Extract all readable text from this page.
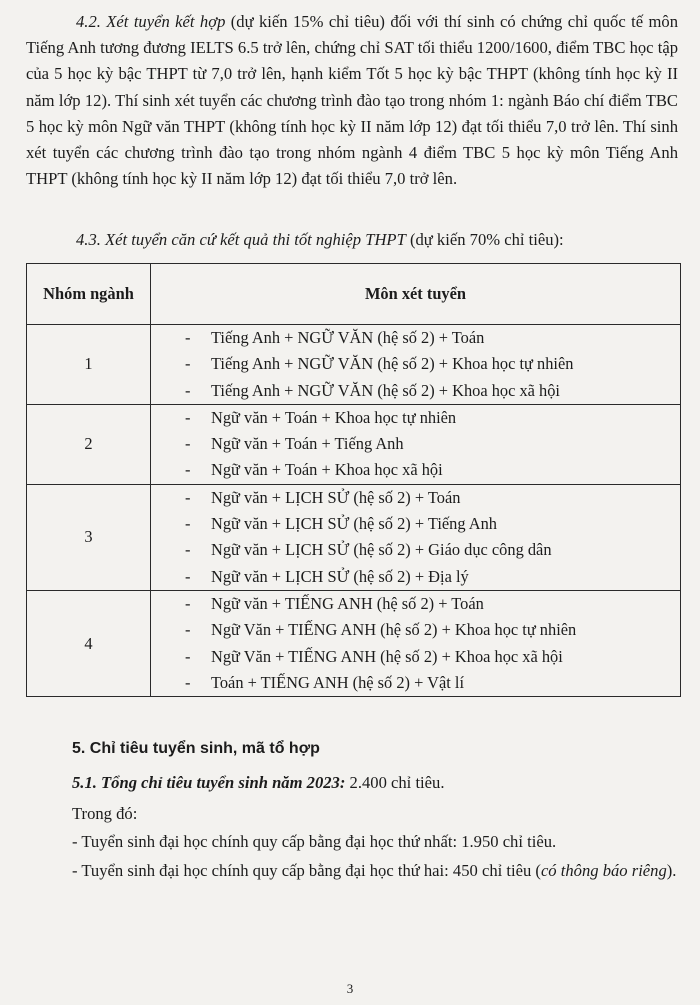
4.2. Xét tuyển kết hợp (dự kiến 15% chỉ tiêu) đối với thí sinh có chứng chỉ quốc tế môn Tiếng Anh tương đương IELTS 6.5 trở lên, chứng chỉ SAT tối thiểu 1200/1600, điểm TBC học tập của 5 học kỳ bậc THPT từ 7,0 trở lên, hạnh kiểm Tốt 5 học kỳ bậc THPT (không tính học kỳ II năm lớp 12). Thí sinh xét tuyển các chương trình đào tạo trong nhóm 1: ngành Báo chí điểm TBC 5 học kỳ môn Ngữ văn THPT (không tính học kỳ II năm lớp 12) đạt tối thiểu 7,0 trở lên. Thí sinh xét tuyển các chương trình đào tạo trong nhóm ngành 4 điểm TBC 5 học kỳ môn Tiếng Anh THPT (không tính học kỳ II năm lớp 12) đạt tối thiểu 7,0 trở lên.
4.3. Xét tuyển căn cứ kết quả thi tốt nghiệp THPT (dự kiến 70% chỉ tiêu):
Nhóm ngành	Môn xét tuyển
1	- Tiếng Anh + NGỮ VĂN (hệ số 2) + Toán
- Tiếng Anh + NGỮ VĂN (hệ số 2) + Khoa học tự nhiên
- Tiếng Anh + NGỮ VĂN (hệ số 2) + Khoa học xã hội

2	- Ngữ văn + Toán + Khoa học tự nhiên
- Ngữ văn + Toán + Tiếng Anh
- Ngữ văn + Toán + Khoa học xã hội

3	- Ngữ văn + LỊCH SỬ (hệ số 2) + Toán
- Ngữ văn + LỊCH SỬ (hệ số 2) + Tiếng Anh
- Ngữ văn + LỊCH SỬ (hệ số 2) + Giáo dục công dân
- Ngữ văn + LỊCH SỬ (hệ số 2) + Địa lý

4	- Ngữ văn + TIẾNG ANH (hệ số 2) + Toán
- Ngữ Văn + TIẾNG ANH (hệ số 2) + Khoa học tự nhiên
- Ngữ Văn + TIẾNG ANH (hệ số 2) + Khoa học xã hội
- Toán + TIẾNG ANH (hệ số 2) + Vật lí
5. Chỉ tiêu tuyển sinh, mã tổ hợp
5.1. Tổng chỉ tiêu tuyển sinh năm 2023: 2.400 chỉ tiêu.
Trong đó:
- Tuyển sinh đại học chính quy cấp bằng đại học thứ nhất: 1.950 chỉ tiêu.
- Tuyển sinh đại học chính quy cấp bằng đại học thứ hai: 450 chỉ tiêu (có thông báo riêng).
3
